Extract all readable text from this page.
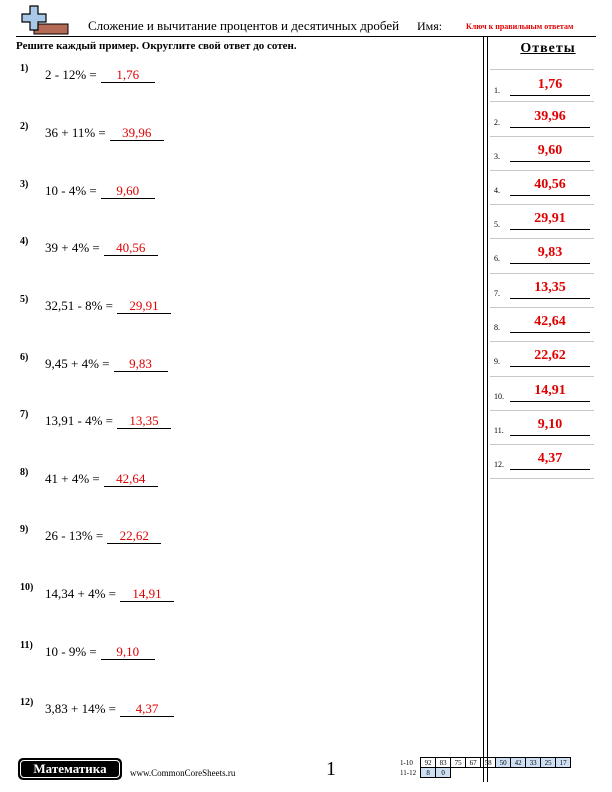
Сложение и вычитание процентов и десятичных дробей Имя:	Ключ к правильным ответам
Решите каждый пример. Округлите свой ответ до сотен.
1) 2 - 12% =	1,76
2) 36 + 11% =	39,96
3) 10 - 4% =	9,60
4) 39 + 4% =	40,56
5) 32,51 - 8% =	29,91
6) 9,45 + 4% =	9,83
7) 13,91 - 4% =	13,35
8) 41 + 4% =	42,64
9) 26 - 13% =	22,62
10) 14,34 + 4% =	14,91
11) 10 - 9% =	9,10
12) 3,83 + 14% =	4,37
Ответы
1.	1,76
2.	39,96
3.	9,60
4.	40,56
5.	29,91
6.	9,83
7.	13,35
8.	42,64
9.	22,62
10.	14,91
11.	9,10
12.	4,37
Математика	www.CommonCoreSheets.ru	1	1-10	92	83	75	67	58	50	42	33	25	17
11-12	8	0								
